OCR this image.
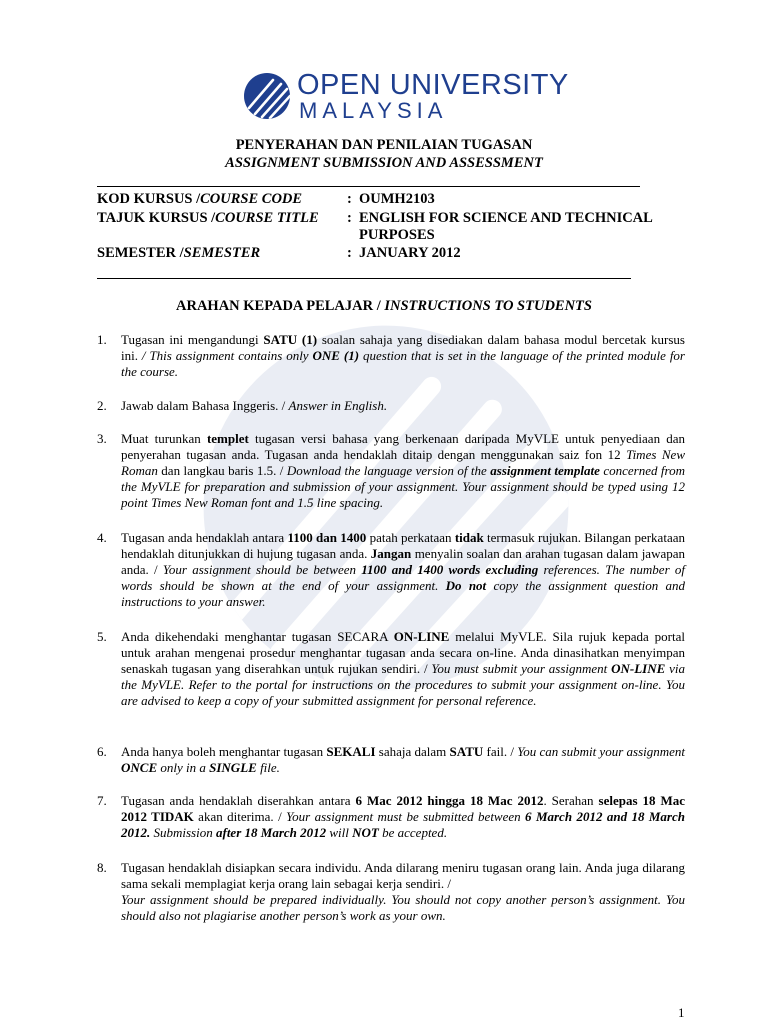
OPEN UNIVERSITY
MALAYSIA
PENYERAHAN DAN PENILAIAN TUGASAN
ASSIGNMENT SUBMISSION AND ASSESSMENT
KOD KURSUS /COURSE CODE	: OUMH2103
TAJUK KURSUS /COURSE TITLE : ENGLISH FOR SCIENCE AND TECHNICAL PURPOSES
SEMESTER /SEMESTER	: JANUARY 2012
ARAHAN KEPADA PELAJAR / INSTRUCTIONS TO STUDENTS
1. Tugasan ini mengandungi SATU (1) soalan sahaja yang disediakan dalam bahasa modul bercetak kursus ini. / This assignment contains only ONE (1) question that is set in the language of the printed module for the course.
2. Jawab dalam Bahasa Inggeris. / Answer in English.
3. Muat turunkan templet tugasan versi bahasa yang berkenaan daripada MyVLE untuk penyediaan dan penyerahan tugasan anda. Tugasan anda hendaklah ditaip dengan menggunakan saiz fon 12 Times New Roman dan langkau baris 1.5. / Download the language version of the assignment template concerned from the MyVLE for preparation and submission of your assignment. Your assignment should be typed using 12 point Times New Roman font and 1.5 line spacing.
4. Tugasan anda hendaklah antara 1100 dan 1400 patah perkataan tidak termasuk rujukan. Bilangan perkataan hendaklah ditunjukkan di hujung tugasan anda. Jangan menyalin soalan dan arahan tugasan dalam jawapan anda. / Your assignment should be between 1100 and 1400 words excluding references. The number of words should be shown at the end of your assignment. Do not copy the assignment question and instructions to your answer.
5. Anda dikehendaki menghantar tugasan SECARA ON-LINE melalui MyVLE. Sila rujuk kepada portal untuk arahan mengenai prosedur menghantar tugasan anda secara on-line. Anda dinasihatkan menyimpan senaskah tugasan yang diserahkan untuk rujukan sendiri. / You must submit your assignment ON-LINE via the MyVLE. Refer to the portal for instructions on the procedures to submit your assignment on-line. You are advised to keep a copy of your submitted assignment for personal reference.
6. Anda hanya boleh menghantar tugasan SEKALI sahaja dalam SATU fail. / You can submit your assignment ONCE only in a SINGLE file.
7. Tugasan anda hendaklah diserahkan antara 6 Mac 2012 hingga 18 Mac 2012. Serahan selepas 18 Mac 2012 TIDAK akan diterima. / Your assignment must be submitted between 6 March 2012 and 18 March 2012. Submission after 18 March 2012 will NOT be accepted.
8. Tugasan hendaklah disiapkan secara individu. Anda dilarang meniru tugasan orang lain. Anda juga dilarang sama sekali memplagiat kerja orang lain sebagai kerja sendiri. /
Your assignment should be prepared individually. You should not copy another person’s assignment. You should also not plagiarise another person’s work as your own.
1
